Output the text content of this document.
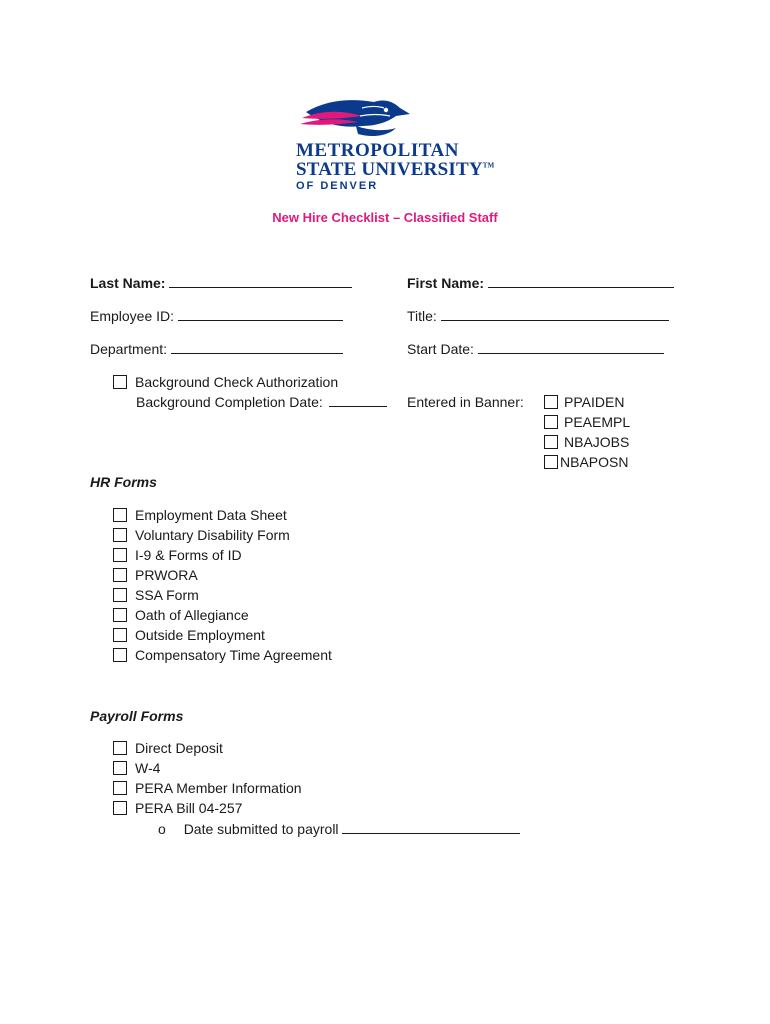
METROPOLITAN
STATE UNIVERSITY™
OF DENVER
New Hire Checklist – Classified Staff
Last Name:	First Name:
Employee ID:	Title:
Department:	Start Date:
Background Check Authorization
Background Completion Date:	Entered in Banner:	PPAIDEN
PEAEMPL
NBAJOBS
NBAPOSN
HR Forms
Employment Data Sheet
Voluntary Disability Form
I-9 & Forms of ID
PRWORA
SSA Form
Oath of Allegiance
Outside Employment
Compensatory Time Agreement
Payroll Forms
Direct Deposit
W-4
PERA Member Information
PERA Bill 04-257
o Date submitted to payroll
